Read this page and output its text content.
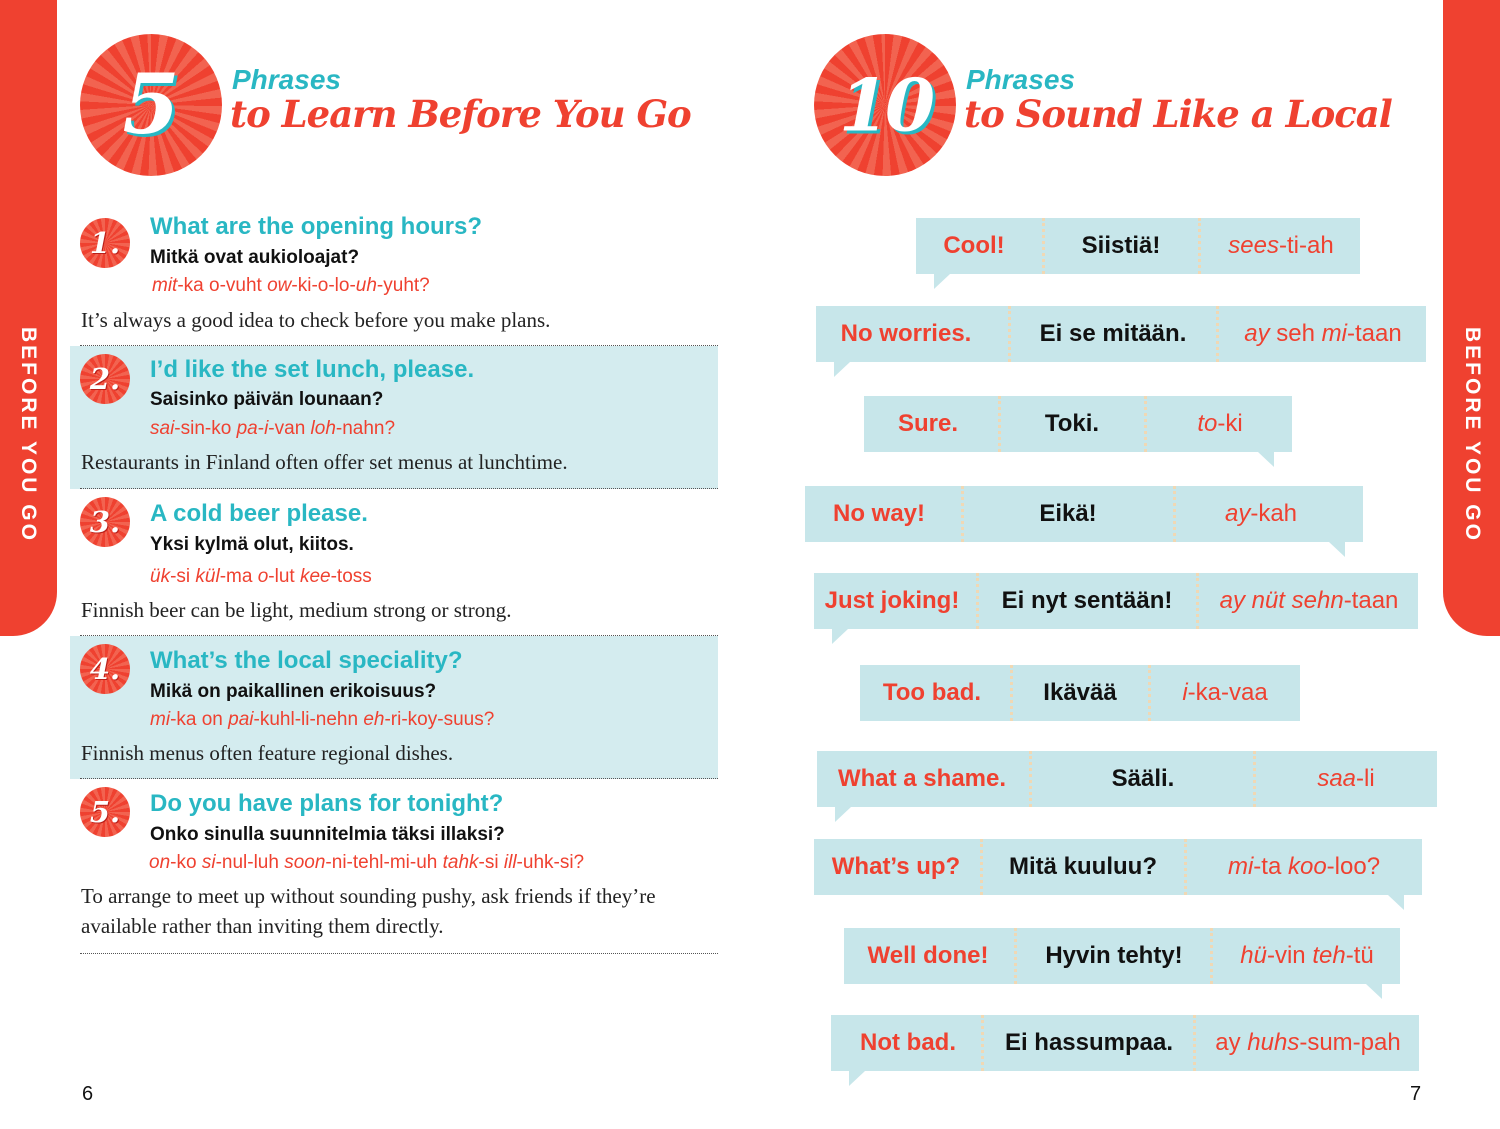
BEFORE YOU GO	BEFORE YOU GO
5	Phrases
to Learn Before You Go
1.	What are the opening hours?
Mitkä ovat aukioloajat?
mit-ka o-vuht ow-ki-o-lo-uh-yuht?
It’s always a good idea to check before you make plans.
2.	I’d like the set lunch, please.
Saisinko päivän lounaan?
sai-sin-ko pa-i-van loh-nahn?
Restaurants in Finland often offer set menus at lunchtime.
3.	A cold beer please.
Yksi kylmä olut, kiitos.
ük-si kül-ma o-lut kee-toss
Finnish beer can be light, medium strong or strong.
4.	What’s the local speciality?
Mikä on paikallinen erikoisuus?
mi-ka on pai-kuhl-li-nehn eh-ri-koy-suus?
Finnish menus often feature regional dishes.
5.	Do you have plans for tonight?
Onko sinulla suunnitelmia täksi illaksi?
on-ko si-nul-luh soon-ni-tehl-mi-uh tahk-si ill-uhk-si?
To arrange to meet up without sounding pushy, ask friends if they’re available rather than inviting them directly.
6
10	Phrases
to Sound Like a Local
Cool!	Siistiä!	sees-ti-ah
No worries.	Ei se mitään.	ay seh mi-taan
Sure.	Toki.	to-ki
No way!	Eikä!	ay-kah
Just joking!	Ei nyt sentään!	ay nüt sehn-taan
Too bad.	Ikävää	i-ka-vaa
What a shame.	Sääli.	saa-li
What’s up?	Mitä kuuluu?	mi-ta koo-loo?
Well done!	Hyvin tehty!	hü-vin teh-tü
Not bad.	Ei hassumpaa.	ay huhs-sum-pah
7
